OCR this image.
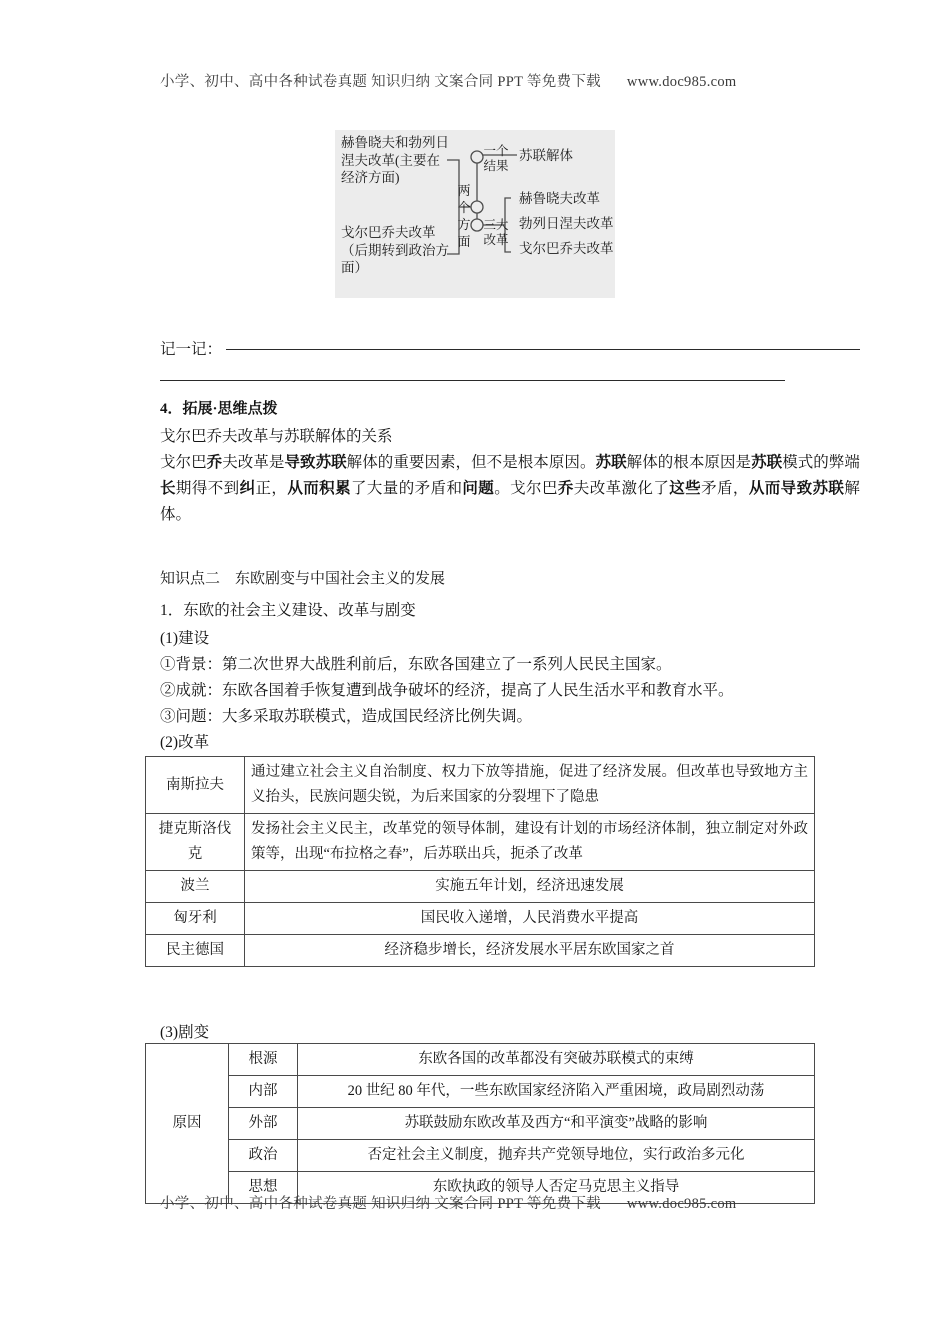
小学、初中、高中各种试卷真题 知识归纳 文案合同 PPT 等免费下载 www.doc985.com
赫鲁晓夫和勃列日涅夫改革(主要在经济方面)
戈尔巴乔夫改革（后期转到政治方面）
两
个
方
面
一个
结果
三大
改革
苏联解体
赫鲁晓夫改革
勃列日涅夫改革
戈尔巴乔夫改革
记一记：
4．拓展·思维点拨
戈尔巴乔夫改革与苏联解体的关系
戈尔巴乔夫改革是导致苏联解体的重要因素，但不是根本原因。苏联解体的根本原因是苏联模式的弊端长期得不到纠正，从而积累了大量的矛盾和问题。戈尔巴乔夫改革激化了这些矛盾，从而导致苏联解体。
知识点二　东欧剧变与中国社会主义的发展
1．东欧的社会主义建设、改革与剧变
(1)建设
①背景：第二次世界大战胜利前后，东欧各国建立了一系列人民民主国家。
②成就：东欧各国着手恢复遭到战争破坏的经济，提高了人民生活水平和教育水平。
③问题：大多采取苏联模式，造成国民经济比例失调。
(2)改革
南斯拉夫	通过建立社会主义自治制度、权力下放等措施，促进了经济发展。但改革也导致地方主义抬头，民族问题尖锐，为后来国家的分裂埋下了隐患
捷克斯洛伐克	发扬社会主义民主，改革党的领导体制，建设有计划的市场经济体制，独立制定对外政策等，出现“布拉格之春”，后苏联出兵，扼杀了改革
波兰	实施五年计划，经济迅速发展
匈牙利	国民收入递增，人民消费水平提高
民主德国	经济稳步增长，经济发展水平居东欧国家之首
(3)剧变
原因	根源	东欧各国的改革都没有突破苏联模式的束缚
	内部	20 世纪 80 年代，一些东欧国家经济陷入严重困境，政局剧烈动荡
	外部	苏联鼓励东欧改革及西方“和平演变”战略的影响
	政治	否定社会主义制度，抛弃共产党领导地位，实行政治多元化
	思想	东欧执政的领导人否定马克思主义指导
小学、初中、高中各种试卷真题 知识归纳 文案合同 PPT 等免费下载 www.doc985.com
